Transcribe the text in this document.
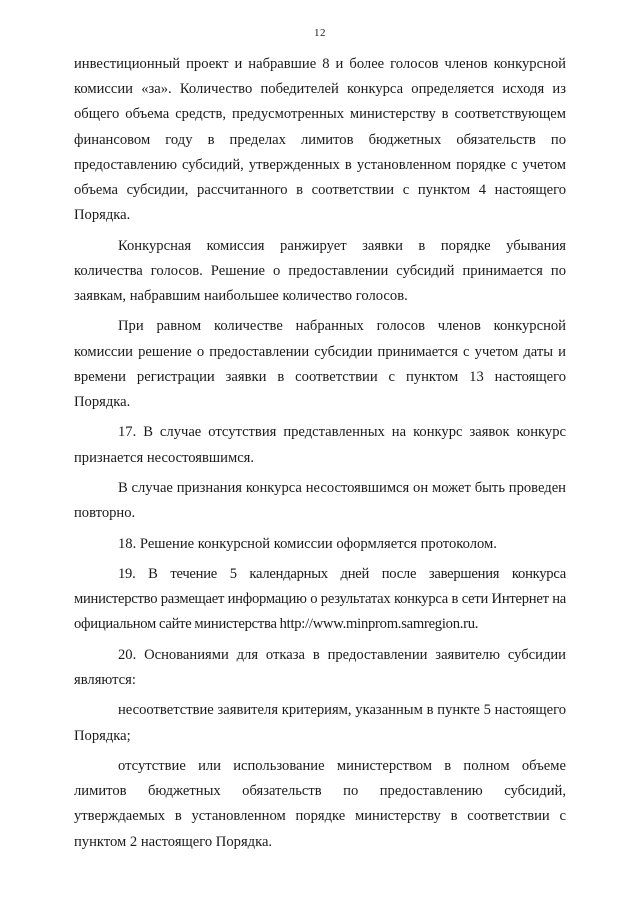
12

инвестиционный проект и набравшие 8 и более голосов членов конкурсной комиссии «за». Количество победителей конкурса определяется исходя из общего объема средств, предусмотренных министерству в соответствующем финансовом году в пределах лимитов бюджетных обязательств по предоставлению субсидий, утвержденных в установленном порядке с учетом объема субсидии, рассчитанного в соответствии с пунктом 4 настоящего Порядка.

Конкурсная комиссия ранжирует заявки в порядке убывания количества голосов. Решение о предоставлении субсидий принимается по заявкам, набравшим наибольшее количество голосов.

При равном количестве набранных голосов членов конкурсной комиссии решение о предоставлении субсидии принимается с учетом даты и времени регистрации заявки в соответствии с пунктом 13 настоящего Порядка.

17. В случае отсутствия представленных на конкурс заявок конкурс признается несостоявшимся.

В случае признания конкурса несостоявшимся он может быть проведен повторно.

18. Решение конкурсной комиссии оформляется протоколом.

19. В течение 5 календарных дней после завершения конкурса министерство размещает информацию о результатах конкурса в сети Интернет на официальном сайте министерства http://www.minprom.samregion.ru.

20. Основаниями для отказа в предоставлении заявителю субсидии являются:

несоответствие заявителя критериям, указанным в пункте 5 настоящего Порядка;

отсутствие или использование министерством в полном объеме лимитов бюджетных обязательств по предоставлению субсидий, утверждаемых в установленном порядке министерству в соответствии с пунктом 2 настоящего Порядка.
